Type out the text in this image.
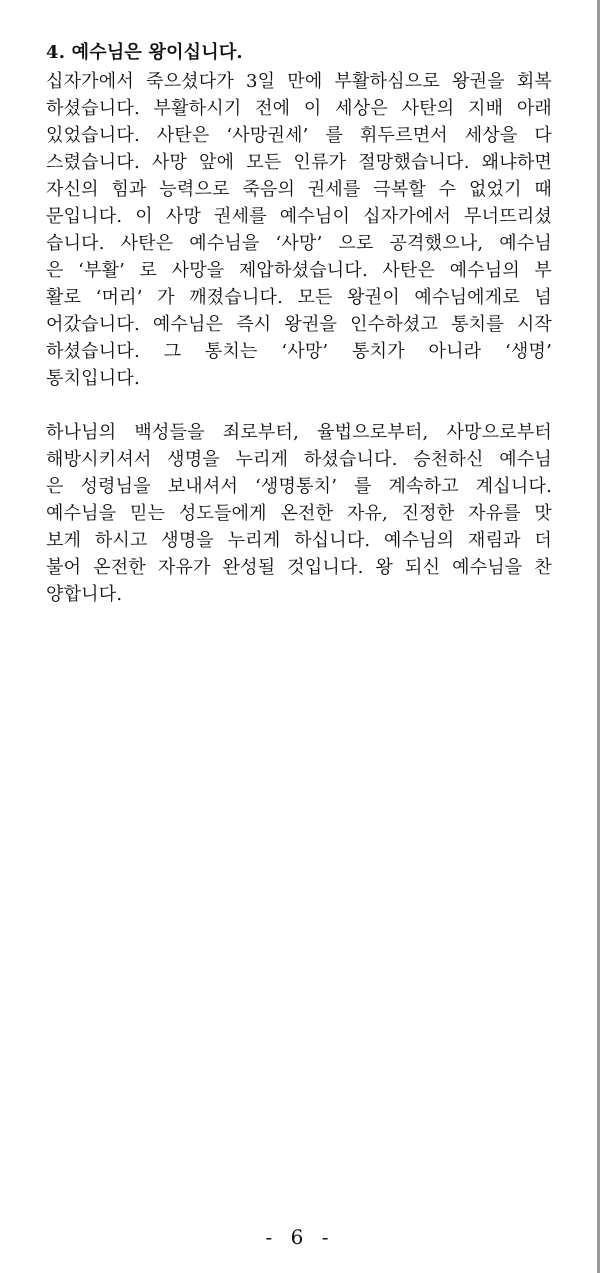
4. 예수님은 왕이십니다.
십자가에서 죽으셨다가 3일 만에 부활하심으로 왕권을 회복
하셨습니다. 부활하시기 전에 이 세상은 사탄의 지배 아래
있었습니다. 사탄은 ‘사망권세’ 를 휘두르면서 세상을 다
스렸습니다. 사망 앞에 모든 인류가 절망했습니다. 왜냐하면
자신의 힘과 능력으로 죽음의 권세를 극복할 수 없었기 때
문입니다. 이 사망 권세를 예수님이 십자가에서 무너뜨리셨
습니다. 사탄은 예수님을 ‘사망’ 으로 공격했으나, 예수님
은 ‘부활’ 로 사망을 제압하셨습니다. 사탄은 예수님의 부
활로 ‘머리’ 가 깨졌습니다. 모든 왕권이 예수님에게로 넘
어갔습니다. 예수님은 즉시 왕권을 인수하셨고 통치를 시작
하셨습니다. 그 통치는 ‘사망’ 통치가 아니라 ‘생명’
통치입니다.
하나님의 백성들을 죄로부터, 율법으로부터, 사망으로부터
해방시키셔서 생명을 누리게 하셨습니다. 승천하신 예수님
은 성령님을 보내셔서 ‘생명통치’ 를 계속하고 계십니다.
예수님을 믿는 성도들에게 온전한 자유, 진정한 자유를 맛
보게 하시고 생명을 누리게 하십니다. 예수님의 재림과 더
불어 온전한 자유가 완성될 것입니다. 왕 되신 예수님을 찬
양합니다.
- 6 -
